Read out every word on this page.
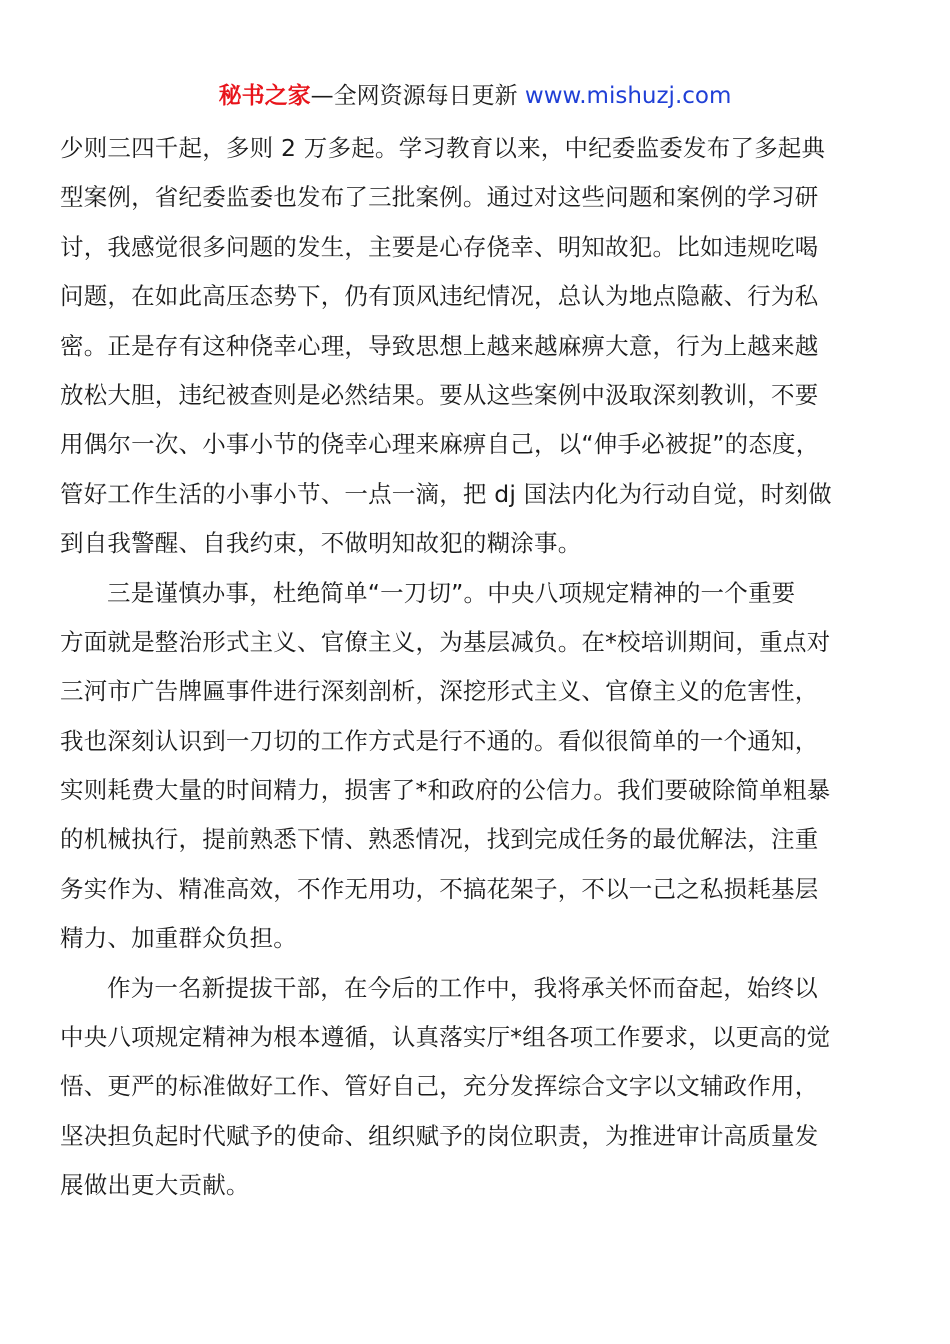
秘书之家—全网资源每日更新 www.mishuzj.com
少则三四千起，多则 2 万多起。学习教育以来，中纪委监委发布了多起典
型案例，省纪委监委也发布了三批案例。通过对这些问题和案例的学习研
讨，我感觉很多问题的发生，主要是心存侥幸、明知故犯。比如违规吃喝
问题，在如此高压态势下，仍有顶风违纪情况，总认为地点隐蔽、行为私
密。正是存有这种侥幸心理，导致思想上越来越麻痹大意，行为上越来越
放松大胆，违纪被查则是必然结果。要从这些案例中汲取深刻教训，不要
用偶尔一次、小事小节的侥幸心理来麻痹自己，以“伸手必被捉”的态度，
管好工作生活的小事小节、一点一滴，把 dj 国法内化为行动自觉，时刻做
到自我警醒、自我约束，不做明知故犯的糊涂事。
三是谨慎办事，杜绝简单“一刀切”。中央八项规定精神的一个重要
方面就是整治形式主义、官僚主义，为基层减负。在*校培训期间，重点对
三河市广告牌匾事件进行深刻剖析，深挖形式主义、官僚主义的危害性，
我也深刻认识到一刀切的工作方式是行不通的。看似很简单的一个通知，
实则耗费大量的时间精力，损害了*和政府的公信力。我们要破除简单粗暴
的机械执行，提前熟悉下情、熟悉情况，找到完成任务的最优解法，注重
务实作为、精准高效，不作无用功，不搞花架子，不以一己之私损耗基层
精力、加重群众负担。
作为一名新提拔干部，在今后的工作中，我将承关怀而奋起，始终以
中央八项规定精神为根本遵循，认真落实厅*组各项工作要求，以更高的觉
悟、更严的标准做好工作、管好自己，充分发挥综合文字以文辅政作用，
坚决担负起时代赋予的使命、组织赋予的岗位职责，为推进审计高质量发
展做出更大贡献。
